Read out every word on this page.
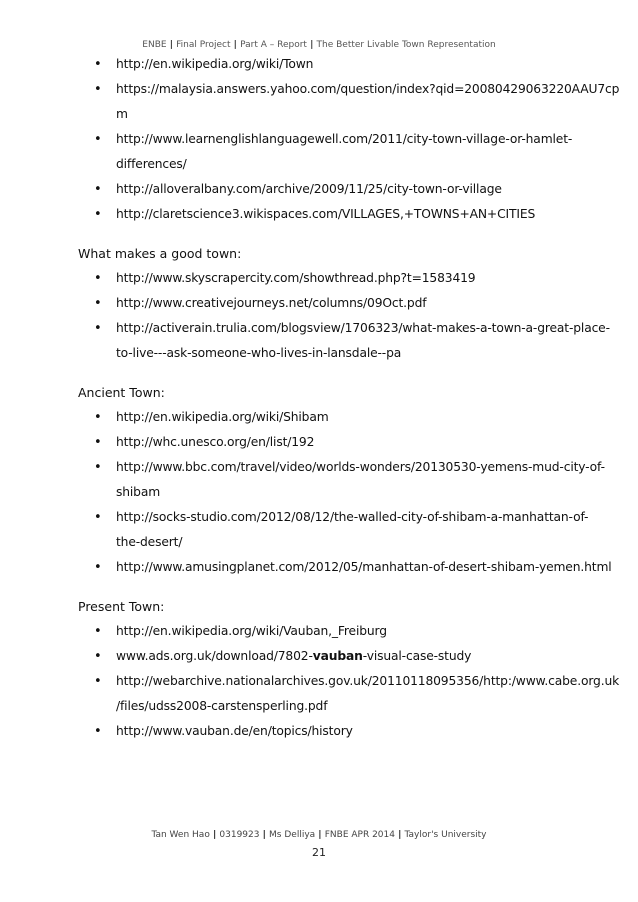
ENBE | Final Project | Part A – Report | The Better Livable Town Representation
• http://en.wikipedia.org/wiki/Town
• https://malaysia.answers.yahoo.com/question/index?qid=20080429063220AAU7cp
m
• http://www.learnenglishlanguagewell.com/2011/city-town-village-or-hamlet-
differences/
• http://alloveralbany.com/archive/2009/11/25/city-town-or-village
• http://claretscience3.wikispaces.com/VILLAGES,+TOWNS+AN+CITIES
What makes a good town:
• http://www.skyscrapercity.com/showthread.php?t=1583419
• http://www.creativejourneys.net/columns/09Oct.pdf
• http://activerain.trulia.com/blogsview/1706323/what-makes-a-town-a-great-place-
to-live---ask-someone-who-lives-in-lansdale--pa
Ancient Town:
• http://en.wikipedia.org/wiki/Shibam
• http://whc.unesco.org/en/list/192
• http://www.bbc.com/travel/video/worlds-wonders/20130530-yemens-mud-city-of-
shibam
• http://socks-studio.com/2012/08/12/the-walled-city-of-shibam-a-manhattan-of-
the-desert/
• http://www.amusingplanet.com/2012/05/manhattan-of-desert-shibam-yemen.html
Present Town:
• http://en.wikipedia.org/wiki/Vauban,_Freiburg
• www.ads.org.uk/download/7802-vauban-visual-case-study
• http://webarchive.nationalarchives.gov.uk/20110118095356/http:/www.cabe.org.uk
/files/udss2008-carstensperling.pdf
• http://www.vauban.de/en/topics/history
Tan Wen Hao | 0319923 | Ms Delliya | FNBE APR 2014 | Taylor's University
21
